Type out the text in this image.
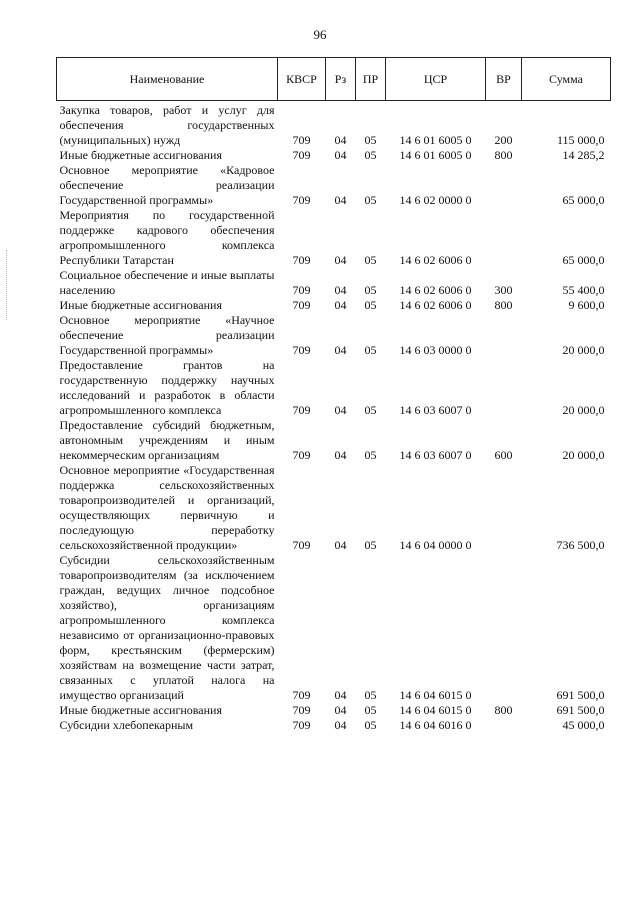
96
Наименование	КВСР	Рз	ПР	ЦСР	ВР	Сумма
Закупка товаров, работ и услуг для обеспечения государственных (муниципальных) нужд	709	04	05	14 6 01 6005 0	200	115 000,0
Иные бюджетные ассигнования	709	04	05	14 6 01 6005 0	800	14 285,2
Основное мероприятие «Кадровое обеспечение реализации Государственной программы»	709	04	05	14 6 02 0000 0		65 000,0
Мероприятия по государственной поддержке кадрового обеспечения агропромышленного комплекса Республики Татарстан	709	04	05	14 6 02 6006 0		65 000,0
Социальное обеспечение и иные выплаты населению	709	04	05	14 6 02 6006 0	300	55 400,0
Иные бюджетные ассигнования	709	04	05	14 6 02 6006 0	800	9 600,0
Основное мероприятие «Научное обеспечение реализации Государственной программы»	709	04	05	14 6 03 0000 0		20 000,0
Предоставление грантов на государственную поддержку научных исследований и разработок в области агропромышленного комплекса	709	04	05	14 6 03 6007 0		20 000,0
Предоставление субсидий бюджетным, автономным учреждениям и иным некоммерческим организациям	709	04	05	14 6 03 6007 0	600	20 000,0
Основное мероприятие «Государственная поддержка сельскохозяйственных товаропроизводителей и организаций, осуществляющих первичную и последующую переработку сельскохозяйственной продукции»	709	04	05	14 6 04 0000 0		736 500,0
Субсидии сельскохозяйственным товаропроизводителям (за исключением граждан, ведущих личное подсобное хозяйство), организациям агропромышленного комплекса независимо от организационно-правовых форм, крестьянским (фермерским) хозяйствам на возмещение части затрат, связанных с уплатой налога на имущество организаций	709	04	05	14 6 04 6015 0		691 500,0
Иные бюджетные ассигнования	709	04	05	14 6 04 6015 0	800	691 500,0
Субсидии хлебопекарным	709	04	05	14 6 04 6016 0		45 000,0
